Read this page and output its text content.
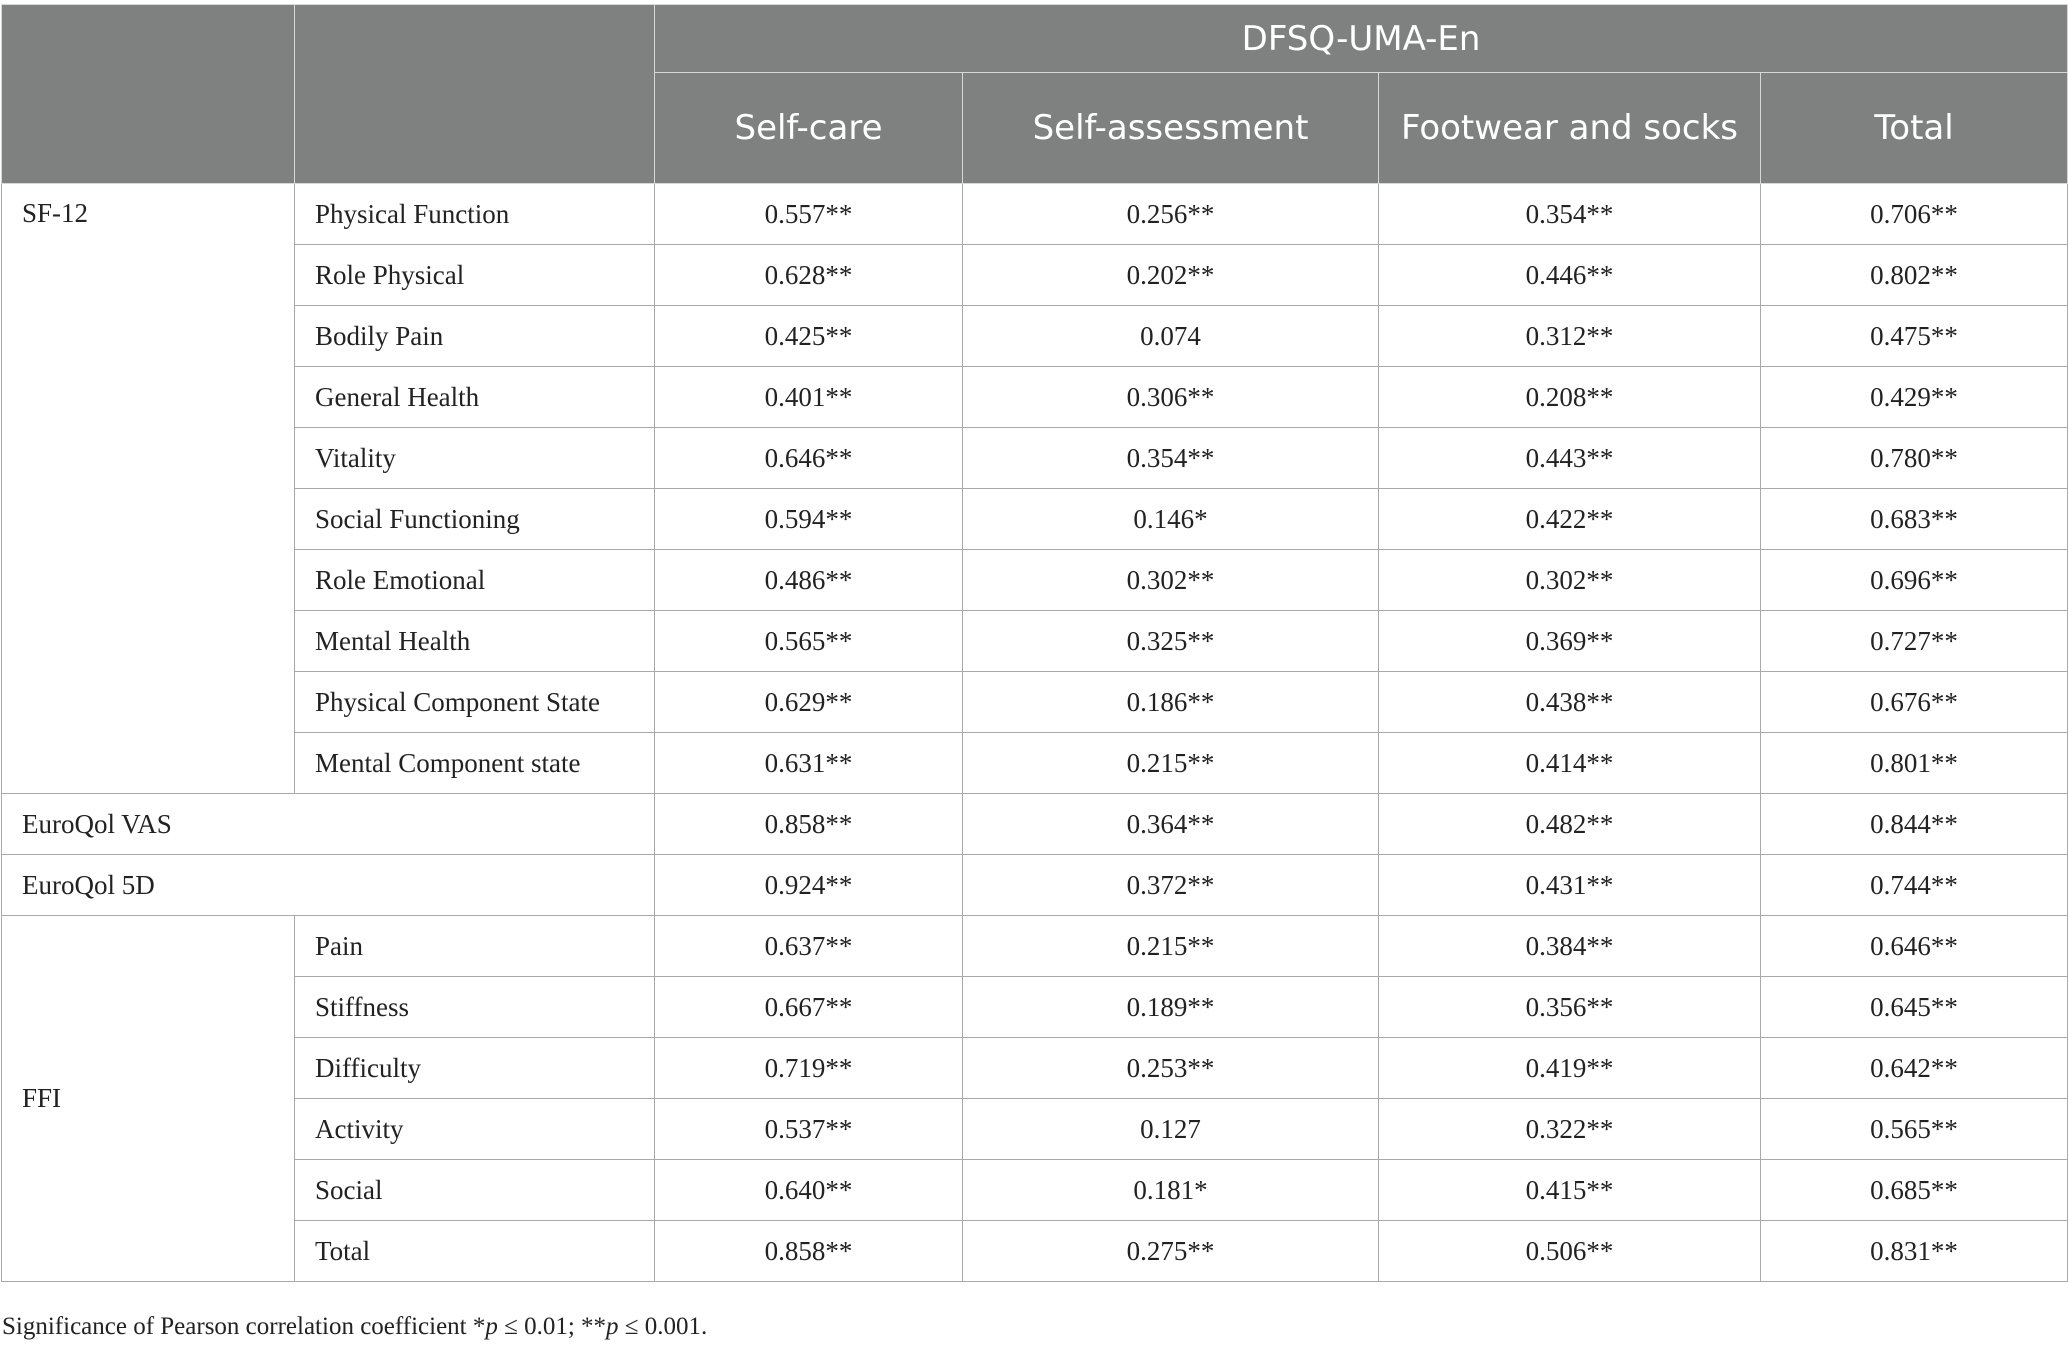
		DFSQ-UMA-En			
		Self-care	Self-assessment	Footwear and socks	Total
SF-12	Physical Function	0.557**	0.256**	0.354**	0.706**
	Role Physical	0.628**	0.202**	0.446**	0.802**
	Bodily Pain	0.425**	0.074	0.312**	0.475**
	General Health	0.401**	0.306**	0.208**	0.429**
	Vitality	0.646**	0.354**	0.443**	0.780**
	Social Functioning	0.594**	0.146*	0.422**	0.683**
	Role Emotional	0.486**	0.302**	0.302**	0.696**
	Mental Health	0.565**	0.325**	0.369**	0.727**
	Physical Component State	0.629**	0.186**	0.438**	0.676**
	Mental Component state	0.631**	0.215**	0.414**	0.801**
EuroQol VAS		0.858**	0.364**	0.482**	0.844**
EuroQol 5D		0.924**	0.372**	0.431**	0.744**
FFI	Pain	0.637**	0.215**	0.384**	0.646**
	Stiffness	0.667**	0.189**	0.356**	0.645**
	Difficulty	0.719**	0.253**	0.419**	0.642**
	Activity	0.537**	0.127	0.322**	0.565**
	Social	0.640**	0.181*	0.415**	0.685**
	Total	0.858**	0.275**	0.506**	0.831**
Significance of Pearson correlation coefficient *p ≤ 0.01; **p ≤ 0.001.
